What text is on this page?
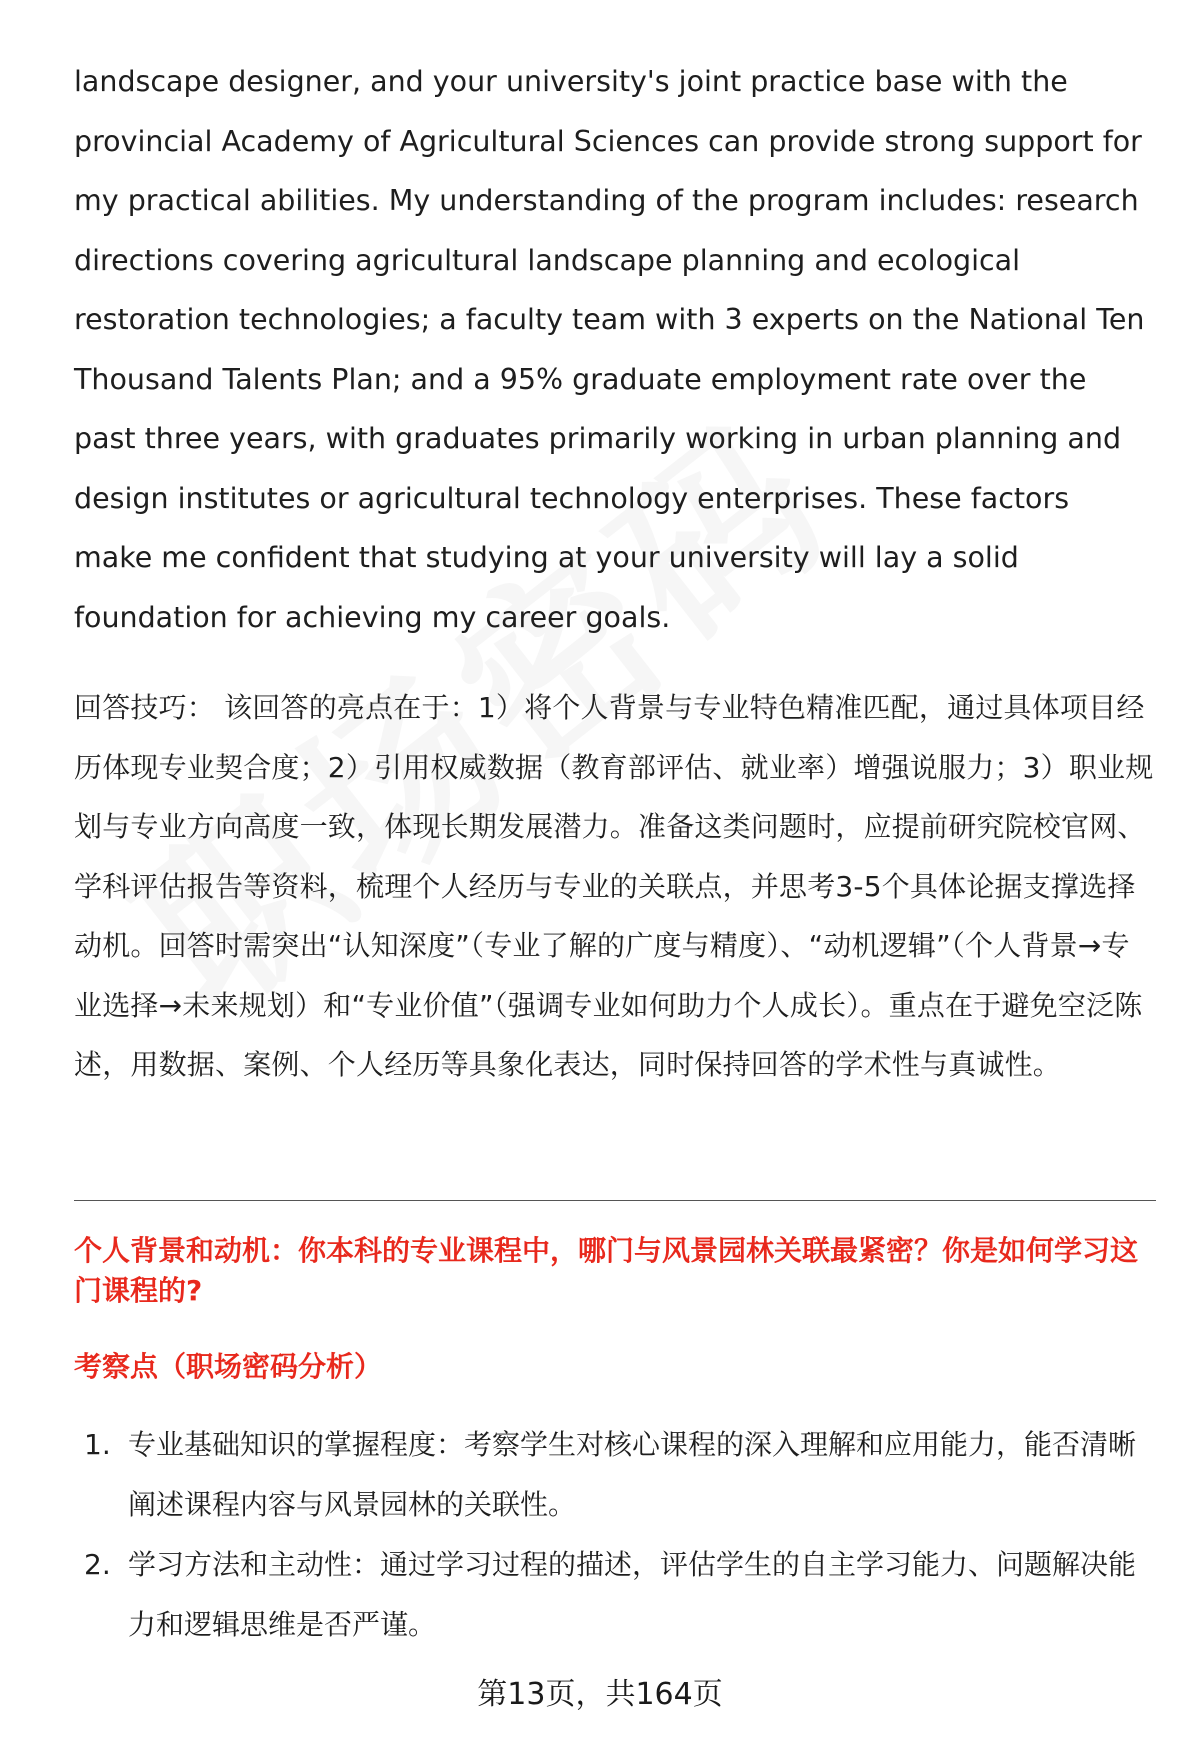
landscape designer, and your university's joint practice base with the provincial Academy of Agricultural Sciences can provide strong support for my practical abilities. My understanding of the program includes: research directions covering agricultural landscape planning and ecological restoration technologies; a faculty team with 3 experts on the National Ten Thousand Talents Plan; and a 95% graduate employment rate over the past three years, with graduates primarily working in urban planning and design institutes or agricultural technology enterprises. These factors make me confident that studying at your university will lay a solid foundation for achieving my career goals.

回答技巧： 该回答的亮点在于：1）将个人背景与专业特色精准匹配，通过具体项目经历体现专业契合度；2）引用权威数据（教育部评估、就业率）增强说服力；3）职业规划与专业方向高度一致，体现长期发展潜力。准备这类问题时，应提前研究院校官网、学科评估报告等资料，梳理个人经历与专业的关联点，并思考3-5个具体论据支撑选择动机。回答时需突出“认知深度”（专业了解的广度与精度）、“动机逻辑”（个人背景→专业选择→未来规划）和“专业价值”（强调专业如何助力个人成长）。重点在于避免空泛陈述，用数据、案例、个人经历等具象化表达，同时保持回答的学术性与真诚性。

个人背景和动机：你本科的专业课程中，哪门与风景园林关联最紧密？你是如何学习这门课程的?

考察点（职场密码分析）

1. 专业基础知识的掌握程度：考察学生对核心课程的深入理解和应用能力，能否清晰阐述课程内容与风景园林的关联性。
2. 学习方法和主动性：通过学习过程的描述，评估学生的自主学习能力、问题解决能力和逻辑思维是否严谨。
第13页，共164页
